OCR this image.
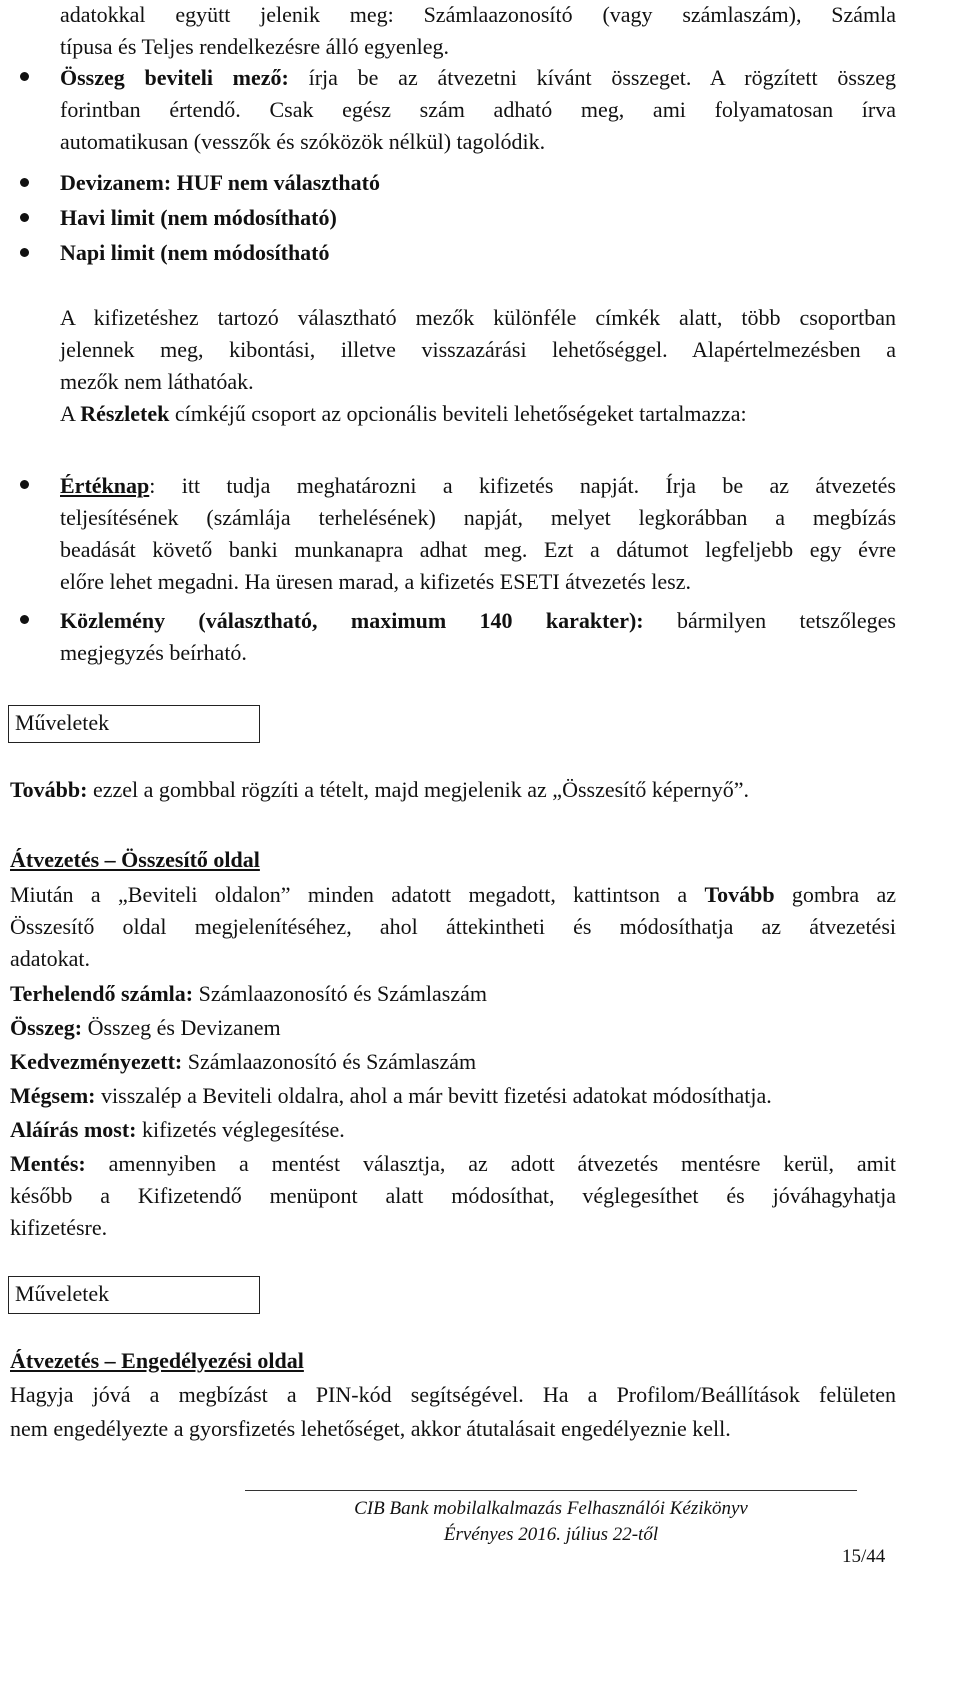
adatokkal együtt jelenik meg: Számlaazonosító (vagy számlaszám), Számla
típusa és Teljes rendelkezésre álló egyenleg.
Összeg beviteli mező: írja be az átvezetni kívánt összeget. A rögzített összeg
forintban értendő. Csak egész szám adható meg, ami folyamatosan írva
automatikusan (vesszők és szóközök nélkül) tagolódik.
Devizanem: HUF nem választható
Havi limit (nem módosítható)
Napi limit (nem módosítható
A kifizetéshez tartozó választható mezők különféle címkék alatt, több csoportban
jelennek meg, kibontási, illetve visszazárási lehetőséggel. Alapértelmezésben a
mezők nem láthatóak.
A Részletek címkéjű csoport az opcionális beviteli lehetőségeket tartalmazza:
Értéknap: itt tudja meghatározni a kifizetés napját. Írja be az átvezetés
teljesítésének (számlája terhelésének) napját, melyet legkorábban a megbízás
beadását követő banki munkanapra adhat meg. Ezt a dátumot legfeljebb egy évre
előre lehet megadni. Ha üresen marad, a kifizetés ESETI átvezetés lesz.
Közlemény (választható, maximum 140 karakter): bármilyen tetszőleges
megjegyzés beírható.
Műveletek
Tovább: ezzel a gombbal rögzíti a tételt, majd megjelenik az „Összesítő képernyő”.
Átvezetés – Összesítő oldal
Miután a „Beviteli oldalon” minden adatott megadott, kattintson a Tovább gombra az
Összesítő oldal megjelenítéséhez, ahol áttekintheti és módosíthatja az átvezetési
adatokat.
Terhelendő számla: Számlaazonosító és Számlaszám
Összeg: Összeg és Devizanem
Kedvezményezett: Számlaazonosító és Számlaszám
Mégsem: visszalép a Beviteli oldalra, ahol a már bevitt fizetési adatokat módosíthatja.
Aláírás most: kifizetés véglegesítése.
Mentés: amennyiben a mentést választja, az adott átvezetés mentésre kerül, amit
később a Kifizetendő menüpont alatt módosíthat, véglegesíthet és jóváhagyhatja
kifizetésre.
Műveletek
Átvezetés – Engedélyezési oldal
Hagyja jóvá a megbízást a PIN-kód segítségével. Ha a Profilom/Beállítások felületen
nem engedélyezte a gyorsfizetés lehetőséget, akkor átutalásait engedélyeznie kell.
CIB Bank mobilalkalmazás Felhasználói Kézikönyv
Érvényes 2016. július 22-től
15/44
